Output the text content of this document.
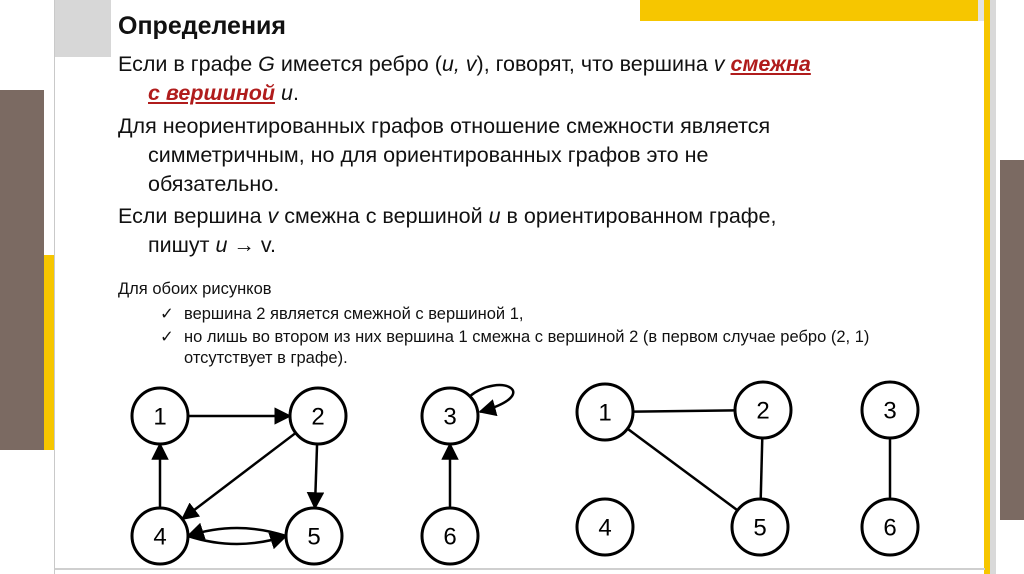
Определения
Если в графе G имеется ребро (u, v), говорят, что вершина v смежна
с вершиной u.
Для неориентированных графов отношение смежности является
симметричным, но для ориентированных графов это не
обязательно.
Если вершина v смежна с вершиной u в ориентированном графе,
пишут u → v.
Для обоих рисунков
✓ вершина 2 является смежной с вершиной 1,
✓ но лишь во втором из них вершина 1 смежна с вершиной 2 (в первом случае ребро (2, 1) отсутствует в графе).
1	2
4	5
3
6
1	2
4	5
3
6
